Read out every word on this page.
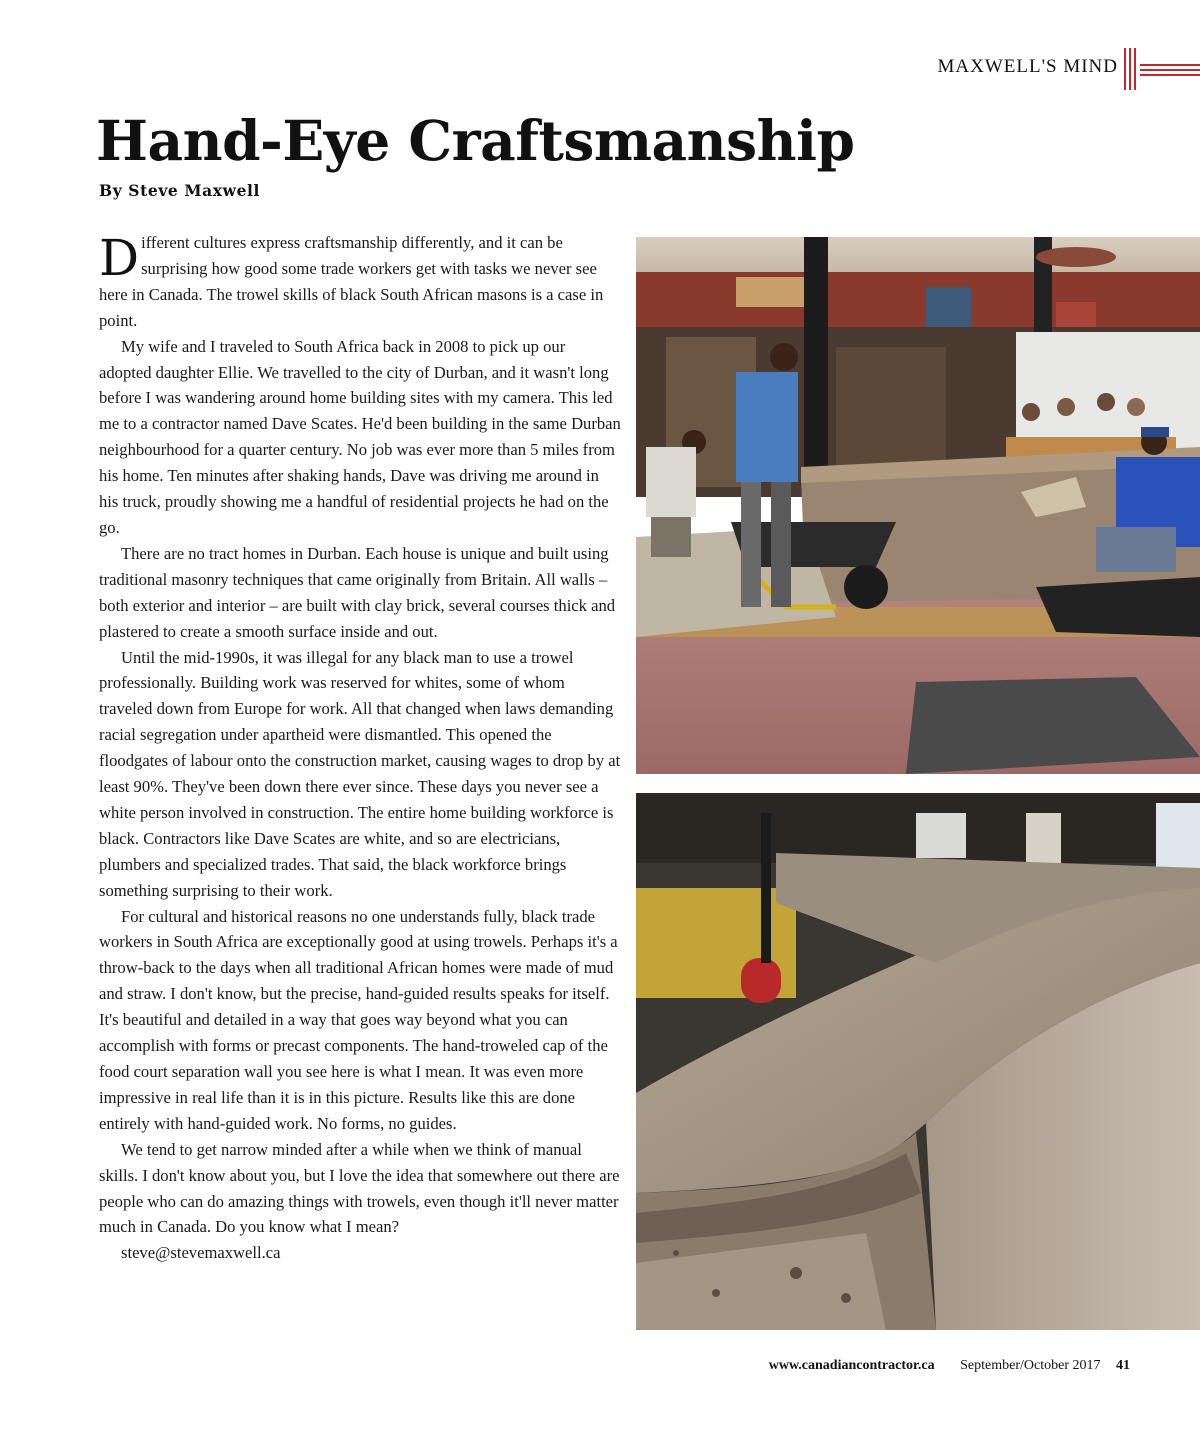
MAXWELL'S MIND
Hand-Eye Craftsmanship
By Steve Maxwell

Different cultures express craftsmanship differently, and it can be surprising how good some trade workers get with tasks we never see here in Canada. The trowel skills of black South African masons is a case in point.

My wife and I traveled to South Africa back in 2008 to pick up our adopted daughter Ellie. We travelled to the city of Durban, and it wasn't long before I was wandering around home building sites with my camera. This led me to a contractor named Dave Scates. He'd been building in the same Durban neighbourhood for a quarter century. No job was ever more than 5 miles from his home. Ten minutes after shaking hands, Dave was driving me around in his truck, proudly showing me a handful of residential projects he had on the go.

There are no tract homes in Durban. Each house is unique and built using traditional masonry techniques that came originally from Britain. All walls – both exterior and interior – are built with clay brick, several courses thick and plastered to create a smooth surface inside and out.

Until the mid-1990s, it was illegal for any black man to use a trowel professionally. Building work was reserved for whites, some of whom traveled down from Europe for work. All that changed when laws demanding racial segregation under apartheid were dismantled. This opened the floodgates of labour onto the construction market, causing wages to drop by at least 90%. They've been down there ever since. These days you never see a white person involved in construction. The entire home building workforce is black. Contractors like Dave Scates are white, and so are electricians, plumbers and specialized trades. That said, the black workforce brings something surprising to their work.

For cultural and historical reasons no one understands fully, black trade workers in South Africa are exceptionally good at using trowels. Perhaps it's a throw-back to the days when all traditional African homes were made of mud and straw. I don't know, but the precise, hand-guided results speaks for itself. It's beautiful and detailed in a way that goes way beyond what you can accomplish with forms or precast components. The hand-troweled cap of the food court separation wall you see here is what I mean. It was even more impressive in real life than it is in this picture. Results like this are done entirely with hand-guided work. No forms, no guides.

We tend to get narrow minded after a while when we think of manual skills. I don't know about you, but I love the idea that somewhere out there are people who can do amazing things with trowels, even though it'll never matter much in Canada. Do you know what I mean?

steve@stevemaxwell.ca

www.canadiancontractor.ca September/October 2017 41
